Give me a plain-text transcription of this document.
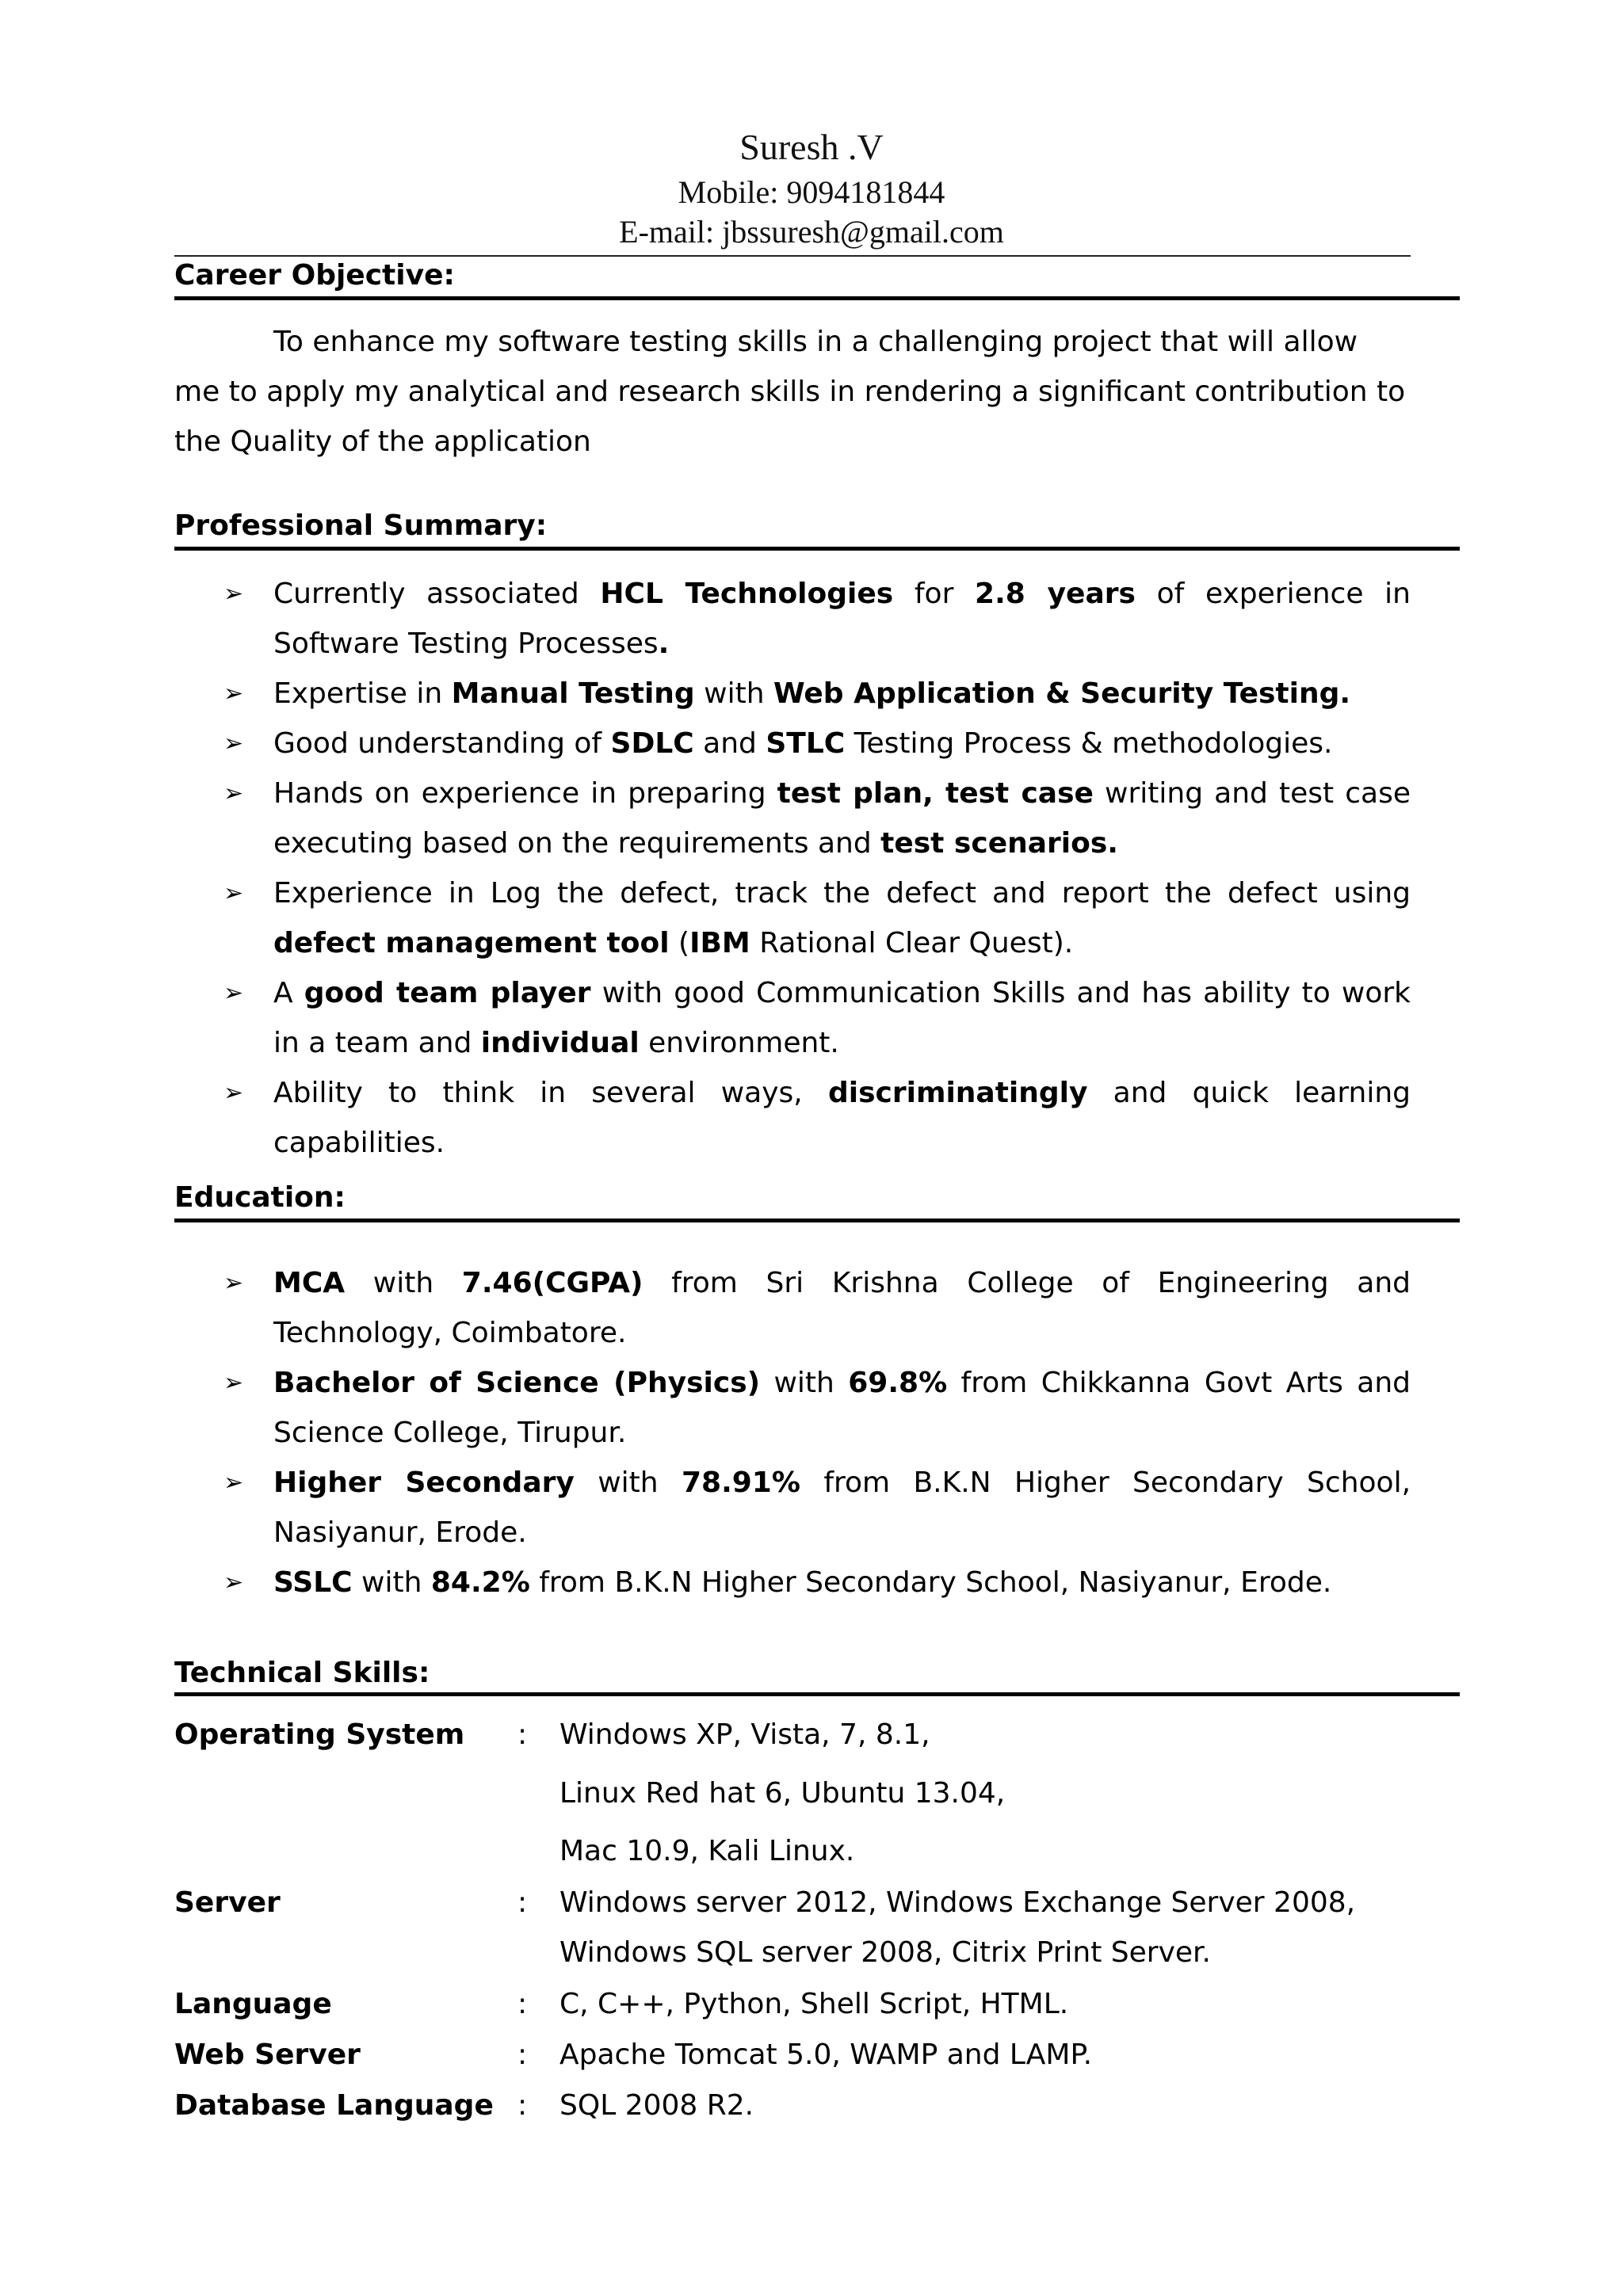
Suresh .V
Mobile: 9094181844
E-mail: jbssuresh@gmail.com
Career Objective:
To enhance my software testing skills in a challenging project that will allow me to apply my analytical and research skills in rendering a significant contribution to the Quality of the application
Professional Summary:
➢ Currently associated HCL Technologies for 2.8 years of experience in Software Testing Processes.
➢ Expertise in Manual Testing with Web Application & Security Testing.
➢ Good understanding of SDLC and STLC Testing Process & methodologies.
➢ Hands on experience in preparing test plan, test case writing and test case executing based on the requirements and test scenarios.
➢ Experience in Log the defect, track the defect and report the defect using defect management tool (IBM Rational Clear Quest).
➢ A good team player with good Communication Skills and has ability to work in a team and individual environment.
➢ Ability to think in several ways, discriminatingly and quick learning capabilities.
Education:
➢ MCA with 7.46(CGPA) from Sri Krishna College of Engineering and Technology, Coimbatore.
➢ Bachelor of Science (Physics) with 69.8% from Chikkanna Govt Arts and Science College, Tirupur.
➢ Higher Secondary with 78.91% from B.K.N Higher Secondary School, Nasiyanur, Erode.
➢ SSLC with 84.2% from B.K.N Higher Secondary School, Nasiyanur, Erode.
Technical Skills:
Operating System : Windows XP, Vista, 7, 8.1,
Linux Red hat 6, Ubuntu 13.04,
Mac 10.9, Kali Linux.
Server	: Windows server 2012, Windows Exchange Server 2008, Windows SQL server 2008, Citrix Print Server.
Language	: C, C++, Python, Shell Script, HTML.
Web Server	: Apache Tomcat 5.0, WAMP and LAMP.
Database Language : SQL 2008 R2.
